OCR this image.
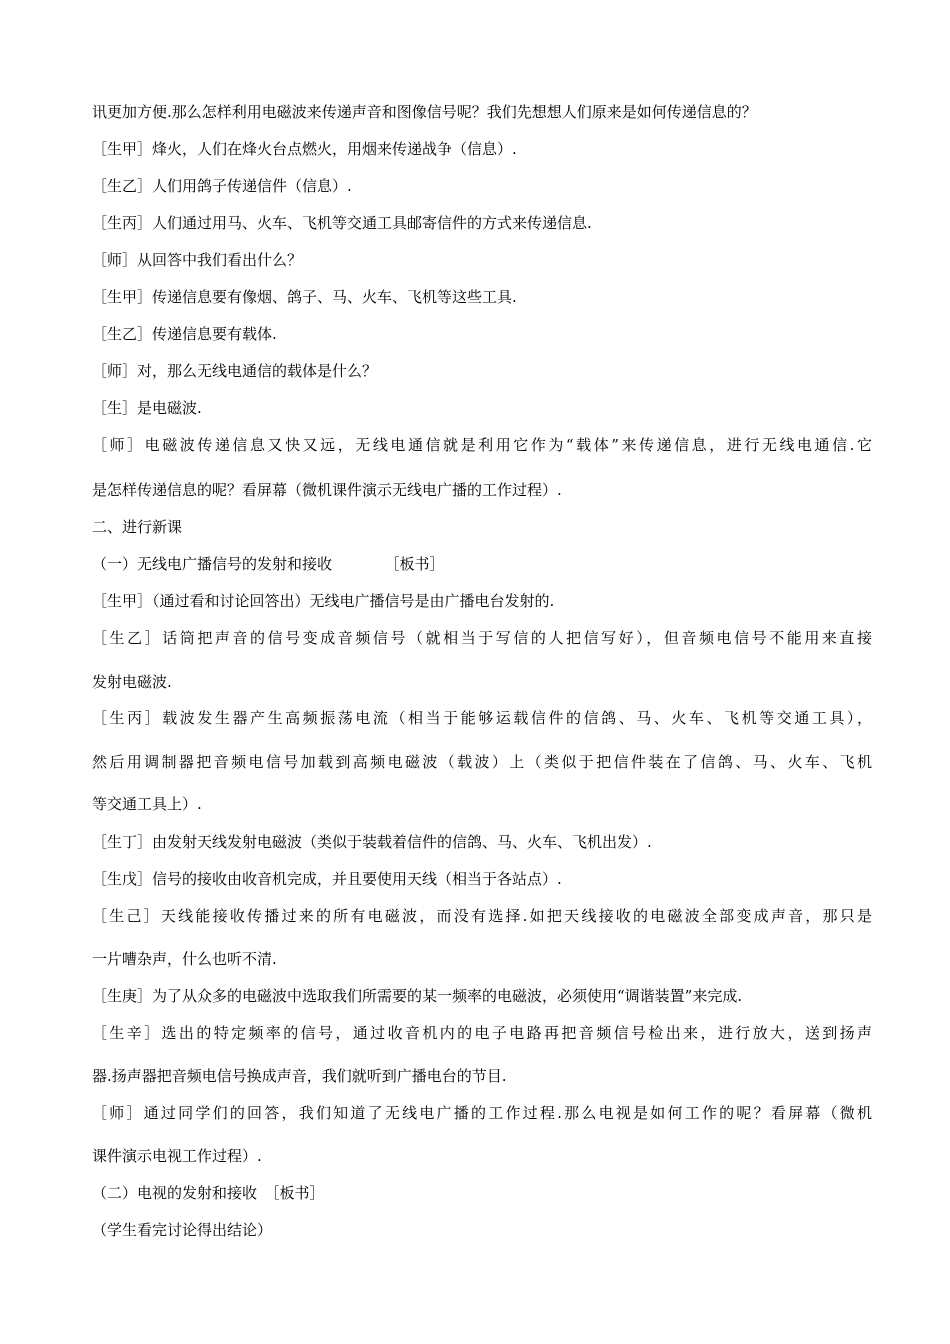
讯更加方便.那么怎样利用电磁波来传递声音和图像信号呢？我们先想想人们原来是如何传递信息的？
［生甲］烽火，人们在烽火台点燃火，用烟来传递战争（信息）.
［生乙］人们用鸽子传递信件（信息）.
［生丙］人们通过用马、火车、飞机等交通工具邮寄信件的方式来传递信息.
［师］从回答中我们看出什么？
［生甲］传递信息要有像烟、鸽子、马、火车、飞机等这些工具.
［生乙］传递信息要有载体.
［师］对，那么无线电通信的载体是什么？
［生］是电磁波.
［师］电磁波传递信息又快又远，无线电通信就是利用它作为“载体”来传递信息，进行无线电通信.它
是怎样传递信息的呢？看屏幕（微机课件演示无线电广播的工作过程）.
二、进行新课
（一）无线电广播信号的发射和接收　　　　［板书］
［生甲］（通过看和讨论回答出）无线电广播信号是由广播电台发射的.
［生乙］话筒把声音的信号变成音频信号（就相当于写信的人把信写好），但音频电信号不能用来直接
发射电磁波.
［生丙］载波发生器产生高频振荡电流（相当于能够运载信件的信鸽、马、火车、飞机等交通工具），
然后用调制器把音频电信号加载到高频电磁波（载波）上（类似于把信件装在了信鸽、马、火车、飞机
等交通工具上）.
［生丁］由发射天线发射电磁波（类似于装载着信件的信鸽、马、火车、飞机出发）.
［生戊］信号的接收由收音机完成，并且要使用天线（相当于各站点）.
［生己］天线能接收传播过来的所有电磁波，而没有选择.如把天线接收的电磁波全部变成声音，那只是
一片嘈杂声，什么也听不清.
［生庚］为了从众多的电磁波中选取我们所需要的某一频率的电磁波，必须使用“调谐装置”来完成.
［生辛］选出的特定频率的信号，通过收音机内的电子电路再把音频信号检出来，进行放大，送到扬声
器.扬声器把音频电信号换成声音，我们就听到广播电台的节目.
［师］通过同学们的回答，我们知道了无线电广播的工作过程.那么电视是如何工作的呢？看屏幕（微机
课件演示电视工作过程）.
（二）电视的发射和接收　［板书］
（学生看完讨论得出结论）
